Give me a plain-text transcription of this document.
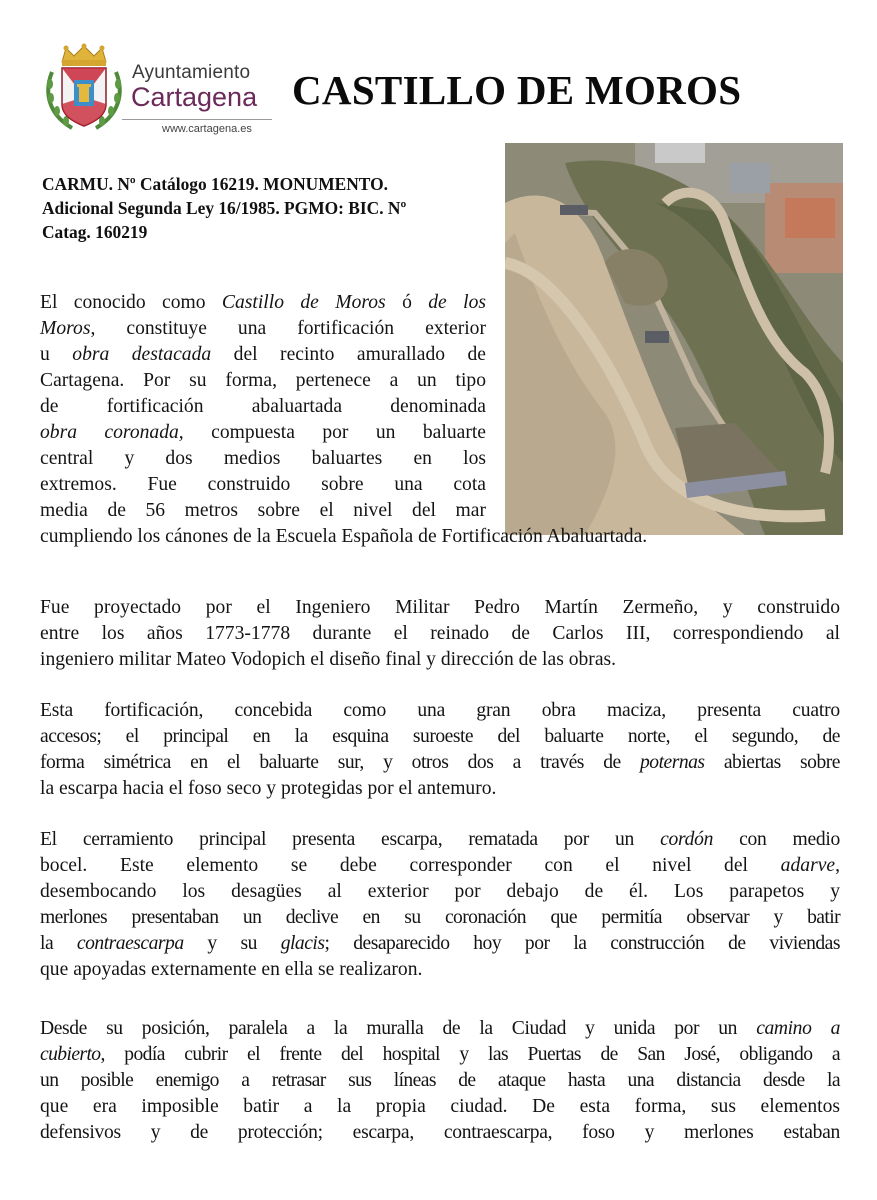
Ayuntamiento
Cartagena
www.cartagena.es
CASTILLO DE MOROS
CARMU. Nº Catálogo 16219. MONUMENTO.
Adicional Segunda Ley 16/1985. PGMO: BIC. Nº
Catag. 160219
El conocido como Castillo de Moros ó de los
Moros, constituye una fortificación exterior
u obra destacada del recinto amurallado de
Cartagena. Por su forma, pertenece a un tipo
de fortificación abaluartada denominada
obra coronada, compuesta por un baluarte
central y dos medios baluartes en los
extremos. Fue construido sobre una cota
media de 56 metros sobre el nivel del mar
cumpliendo los cánones de la Escuela Española de Fortificación Abaluartada.
Fue proyectado por el Ingeniero Militar Pedro Martín Zermeño, y construido
entre los años 1773-1778 durante el reinado de Carlos III, correspondiendo al
ingeniero militar Mateo Vodopich el diseño final y dirección de las obras.
Esta fortificación, concebida como una gran obra maciza, presenta cuatro
accesos; el principal en la esquina suroeste del baluarte norte, el segundo, de
forma simétrica en el baluarte sur, y otros dos a través de poternas abiertas sobre
la escarpa hacia el foso seco y protegidas por el antemuro.
El cerramiento principal presenta escarpa, rematada por un cordón con medio
bocel. Este elemento se debe corresponder con el nivel del adarve,
desembocando los desagües al exterior por debajo de él. Los parapetos y
merlones presentaban un declive en su coronación que permitía observar y batir
la contraescarpa y su glacis; desaparecido hoy por la construcción de viviendas
que apoyadas externamente en ella se realizaron.
Desde su posición, paralela a la muralla de la Ciudad y unida por un camino a
cubierto, podía cubrir el frente del hospital y las Puertas de San José, obligando a
un posible enemigo a retrasar sus líneas de ataque hasta una distancia desde la
que era imposible batir a la propia ciudad. De esta forma, sus elementos
defensivos y de protección; escarpa, contraescarpa, foso y merlones estaban
